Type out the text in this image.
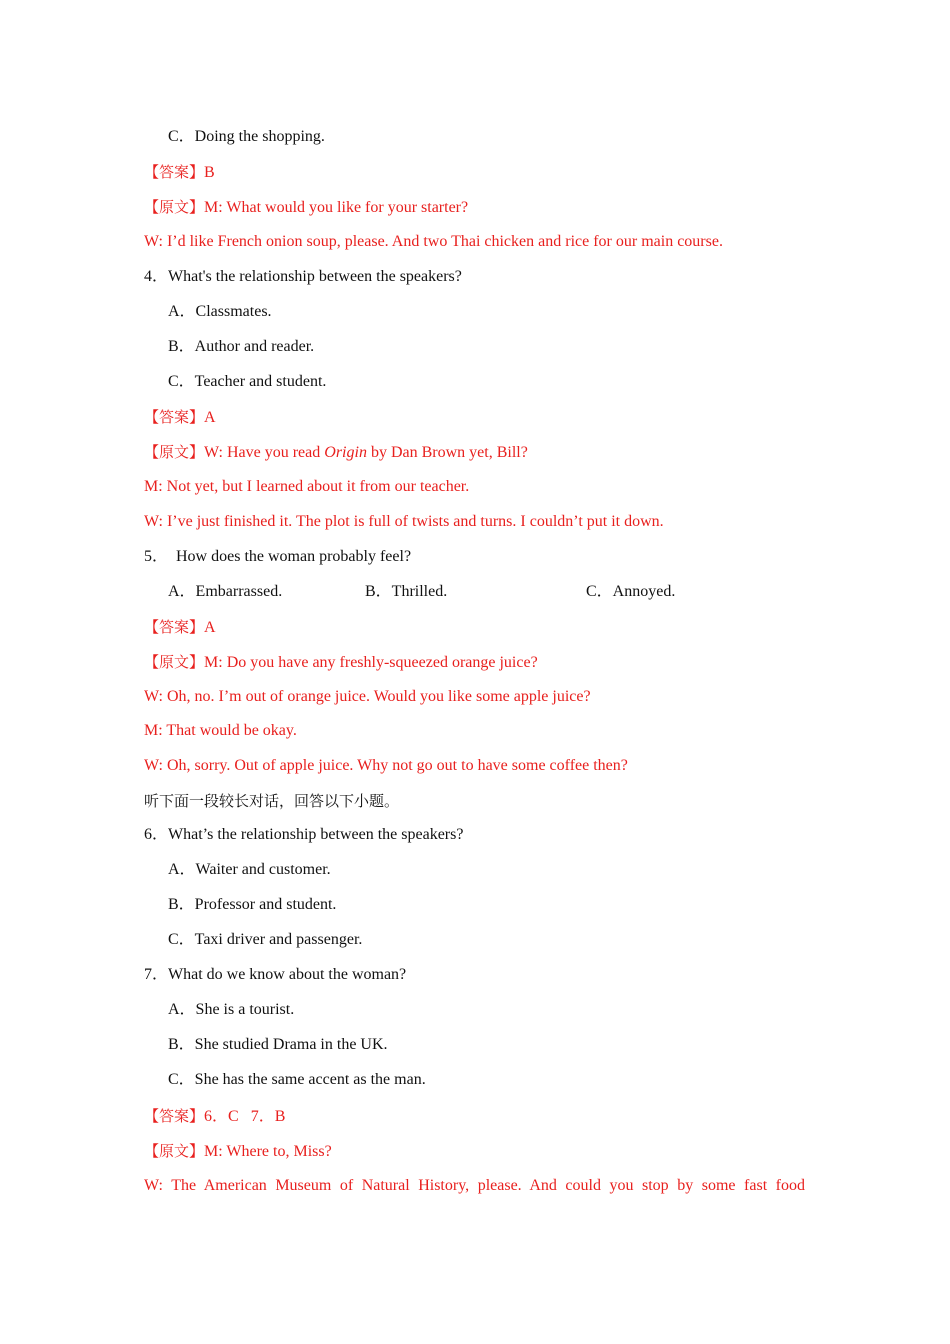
C．Doing the shopping.
【答案】B
【原文】M: What would you like for your starter?
W: I’d like French onion soup, please. And two Thai chicken and rice for our main course.
4．What's the relationship between the speakers?
A．Classmates.
B．Author and reader.
C．Teacher and student.
【答案】A
【原文】W: Have you read Origin by Dan Brown yet, Bill?
M: Not yet, but I learned about it from our teacher.
W: I’ve just finished it. The plot is full of twists and turns. I couldn’t put it down.
5．  How does the woman probably feel?
A．Embarrassed.	B．Thrilled.	C．Annoyed.
【答案】A
【原文】M: Do you have any freshly-squeezed orange juice?
W: Oh, no. I’m out of orange juice. Would you like some apple juice?
M: That would be okay.
W: Oh, sorry. Out of apple juice. Why not go out to have some coffee then?
听下面一段较长对话，回答以下小题。
6．What’s the relationship between the speakers?
A．Waiter and customer.
B．Professor and student.
C．Taxi driver and passenger.
7．What do we know about the woman?
A．She is a tourist.
B．She studied Drama in the UK.
C．She has the same accent as the man.
【答案】6．C   7．B
【原文】M: Where to, Miss?
W: The American Museum of Natural History, please. And could you stop by some fast food
